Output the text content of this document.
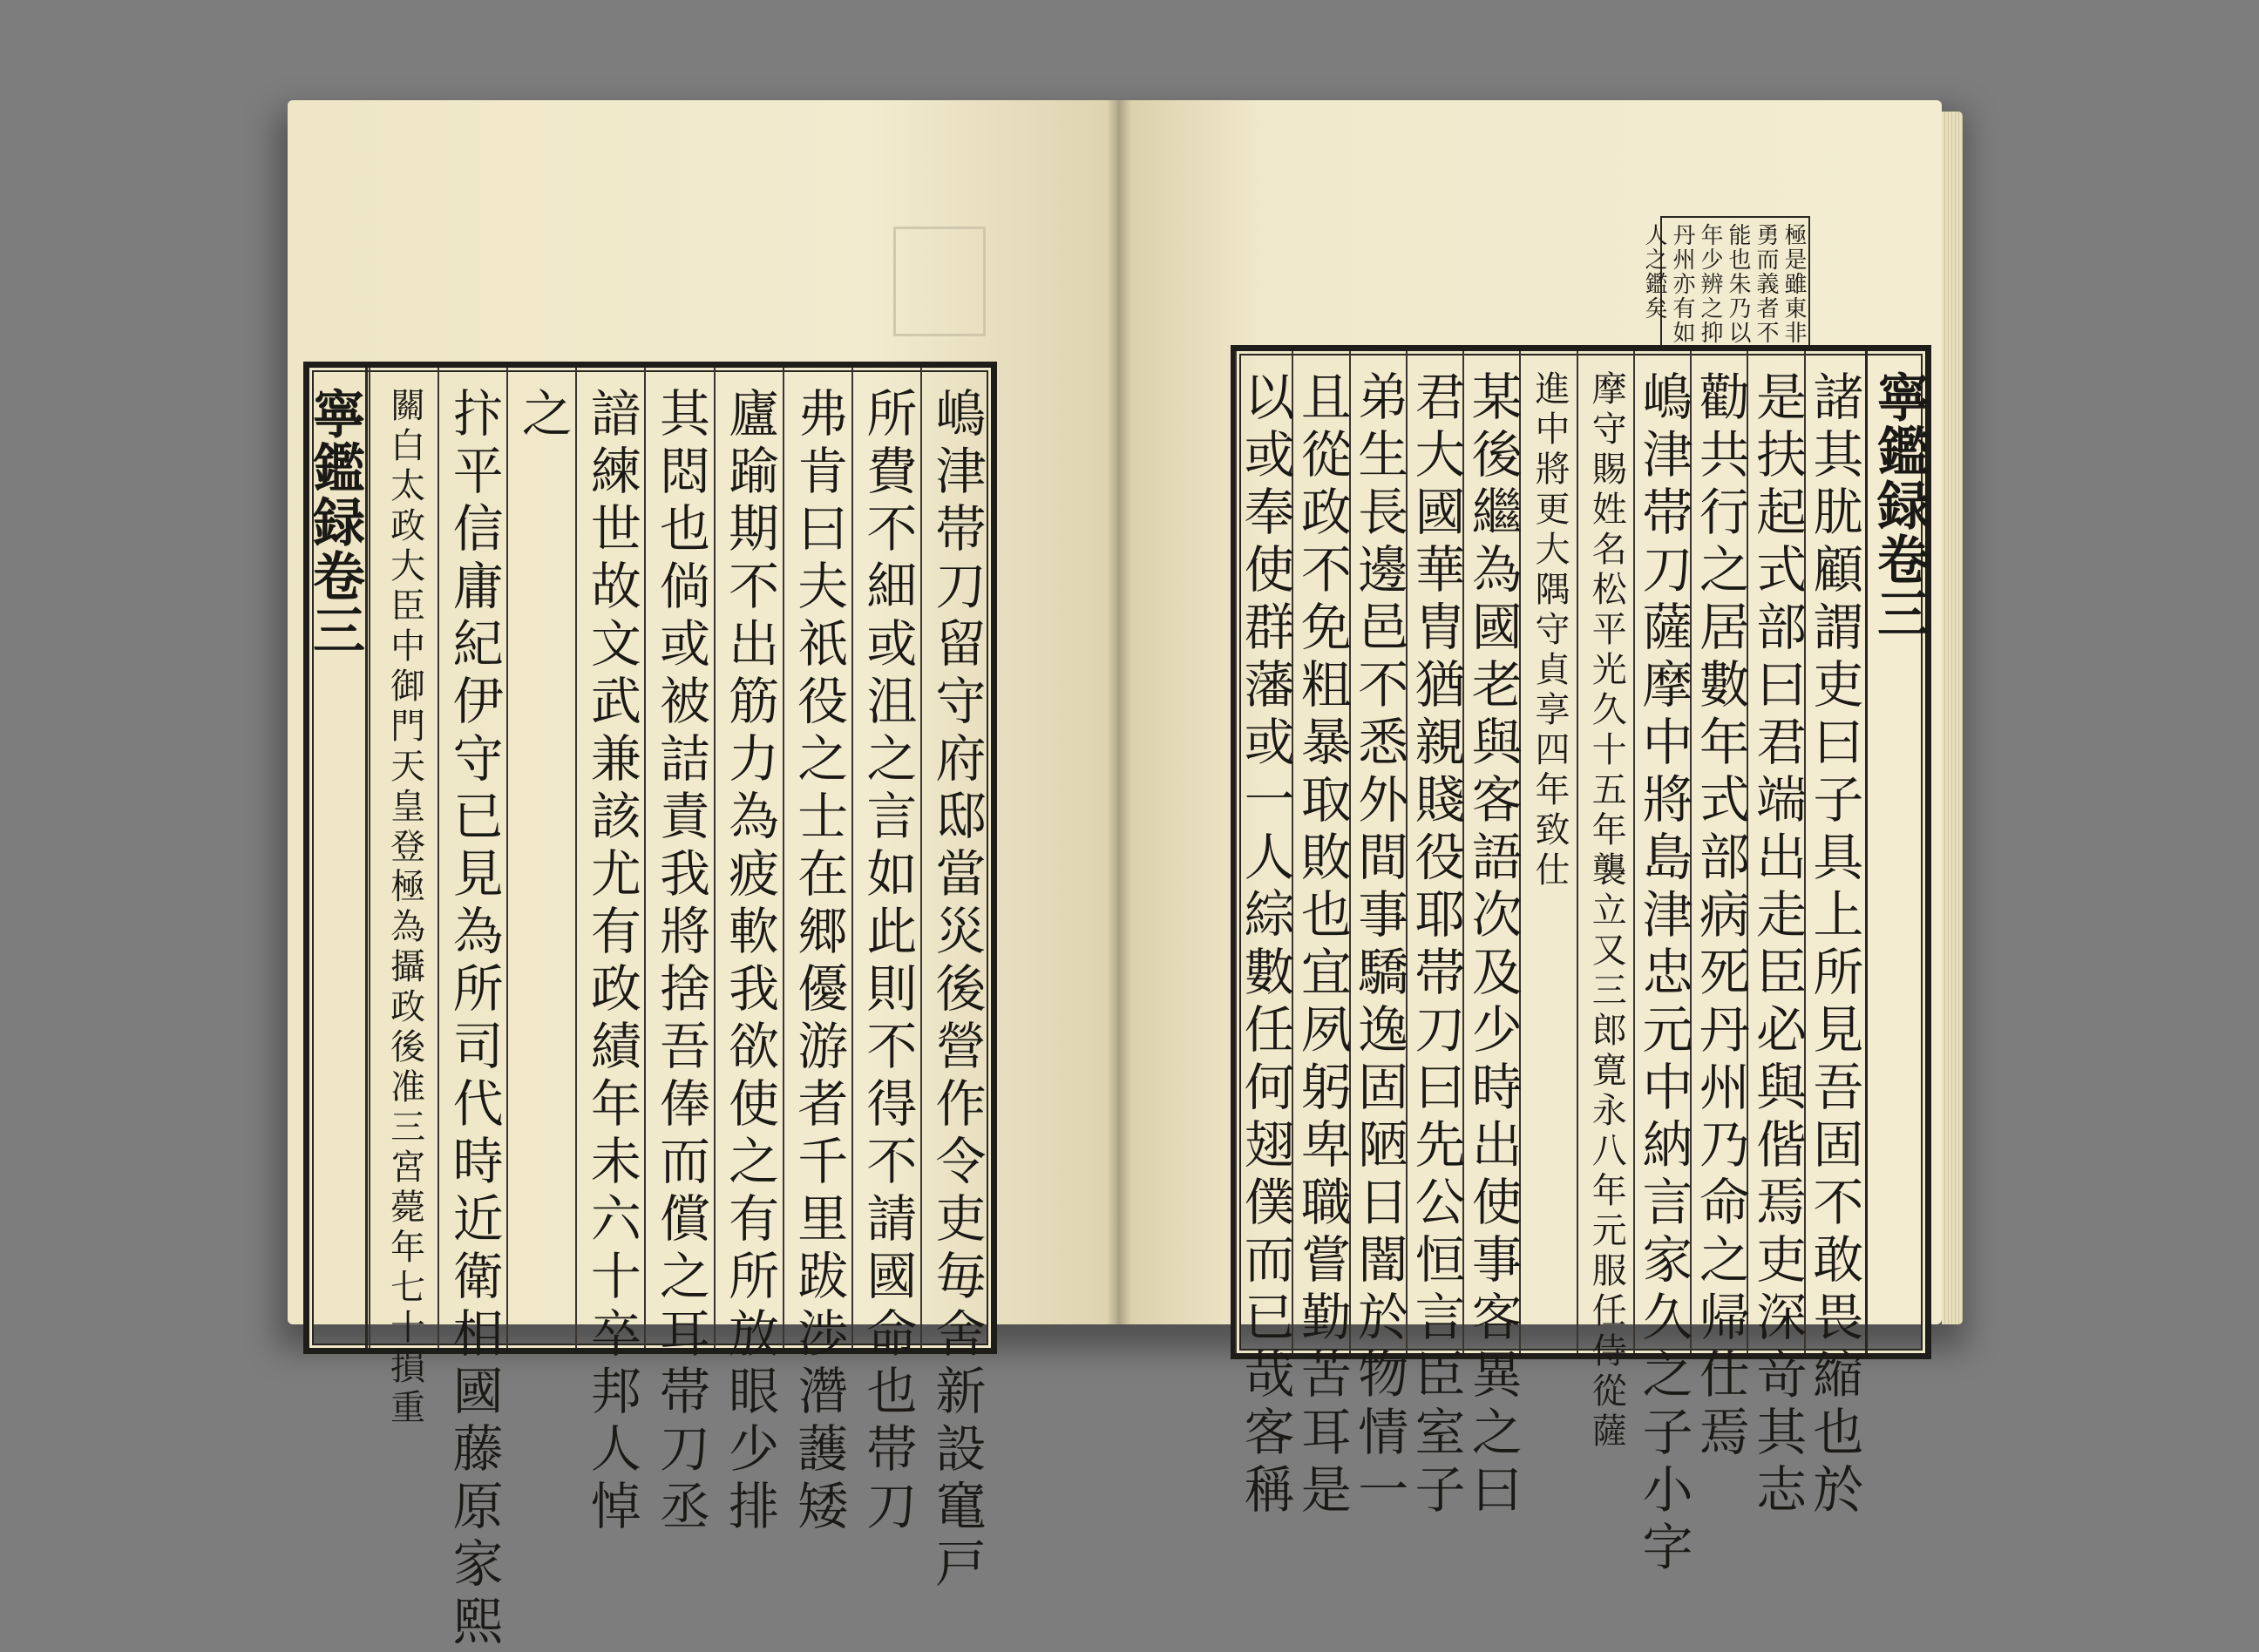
寧鑑録卷三	嶋津帯刀留守府邸當災後營作令吏毎舍新設𥧄戸
所費不細或沮之言如此則不得不請國命也帯刀
弗肯曰夫祇役之士在郷優游者千里跋渉濳䕶矮
廬踰期不出筋力為疲軟我欲使之有所放眼少排
其悶也倘或被詰責我將捨吾俸而償之耳帯刀丞
諳練世故文武兼該尤有政績年未六十卒邦人悼
之
抃平信庸紀伊守已見為所司代時近衛相國藤原家熙
關白太政大臣中御門天皇登極為攝政後准三宮薨年七十損重
極是雖東非
勇而義者不
能也朱乃以
年少辨之抑
丹州亦有如
人之鑑矣
寧鑑録卷三
諸其肬顧謂吏曰子具上所見吾固不敢畏縮也於
是扶起式部曰君端出走臣必與偕焉吏深竒其志
勸共行之居數年式部病死丹州乃命之帰仕焉
嶋津帯刀薩摩中將島津忠元中納言家久之子小字
摩守賜姓名松平光久十五年襲立又三郎寛永八年元服任侍從薩
進中將更大隅守貞享四年致仕
某後繼為國老與客語次及少時出使事客異之曰
君大國華胄猶親賤役耶帯刀曰先公恒言臣室子
弟生長邊邑不悉外間事驕逸固陋日闇於物情一
且從政不免粗暴取敗也宜夙躬卑職嘗勤苦耳是
以或奉使群藩或一人綜數任何翅僕而已哉客稱
